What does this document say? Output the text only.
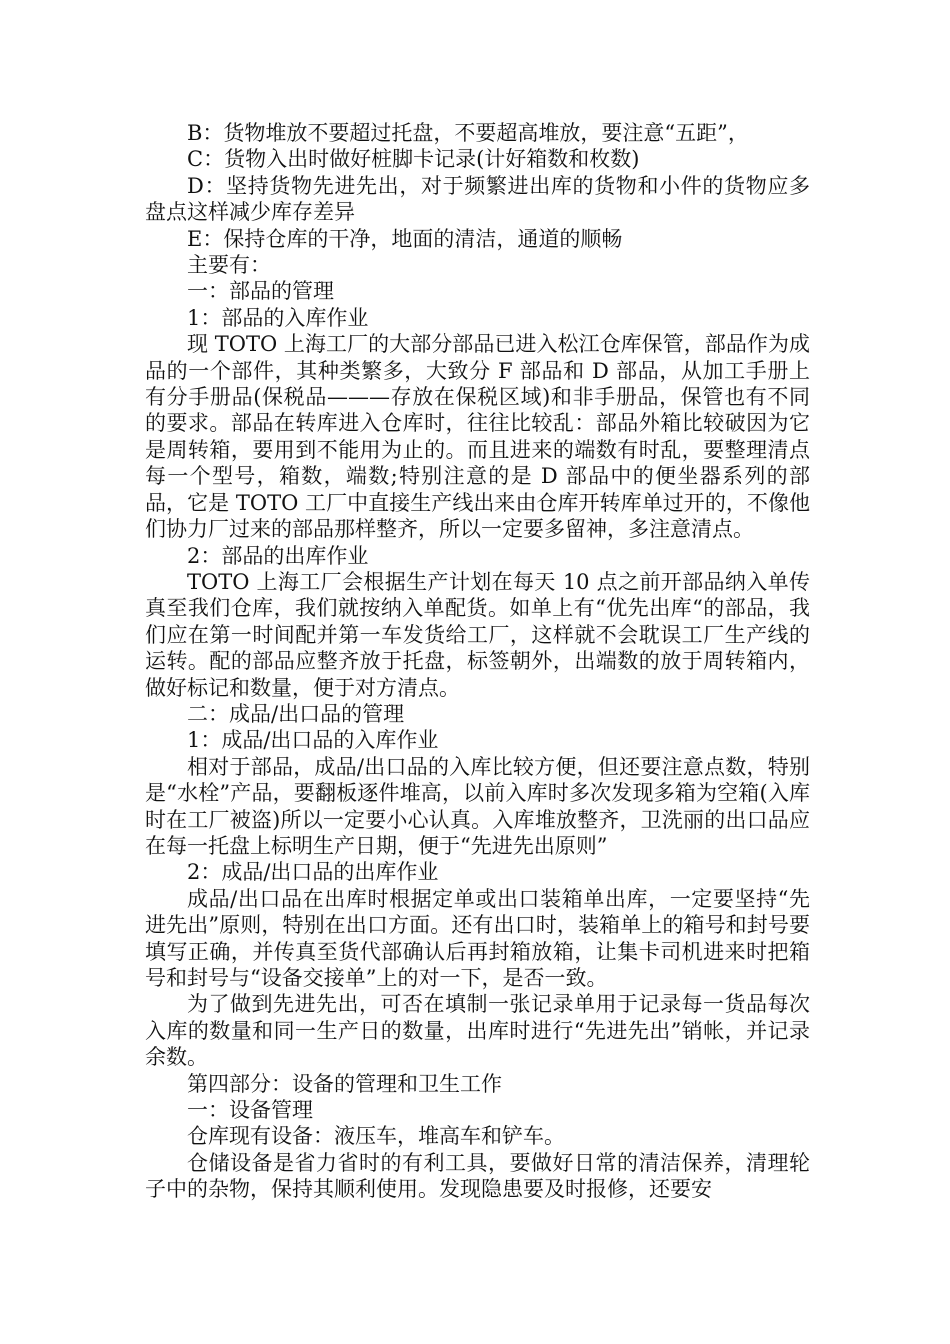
B：货物堆放不要超过托盘，不要超高堆放，要注意“五距”，

C：货物入出时做好桩脚卡记录(计好箱数和枚数)

D：坚持货物先进先出，对于频繁进出库的货物和小件的货物应多盘点这样减少库存差异

E：保持仓库的干净，地面的清洁，通道的顺畅

主要有：

一：部品的管理

1：部品的入库作业

现 TOTO 上海工厂的大部分部品已进入松江仓库保管，部品作为成品的一个部件，其种类繁多，大致分 F 部品和 D 部品，从加工手册上有分手册品(保税品———存放在保税区域)和非手册品，保管也有不同的要求。部品在转库进入仓库时，往往比较乱：部品外箱比较破因为它是周转箱，要用到不能用为止的。而且进来的端数有时乱，要整理清点每一个型号，箱数，端数;特别注意的是 D 部品中的便坐器系列的部品，它是 TOTO 工厂中直接生产线出来由仓库开转库单过开的，不像他们协力厂过来的部品那样整齐，所以一定要多留神，多注意清点。

2：部品的出库作业

TOTO 上海工厂会根据生产计划在每天 10 点之前开部品纳入单传真至我们仓库，我们就按纳入单配货。如单上有“优先出库“的部品，我们应在第一时间配并第一车发货给工厂，这样就不会耽误工厂生产线的运转。配的部品应整齐放于托盘，标签朝外，出端数的放于周转箱内，做好标记和数量，便于对方清点。

二：成品/出口品的管理

1：成品/出口品的入库作业

相对于部品，成品/出口品的入库比较方便，但还要注意点数，特别是“水栓”产品，要翻板逐件堆高，以前入库时多次发现多箱为空箱(入库时在工厂被盗)所以一定要小心认真。入库堆放整齐，卫洗丽的出口品应在每一托盘上标明生产日期，便于“先进先出原则”

2：成品/出口品的出库作业

成品/出口品在出库时根据定单或出口装箱单出库，一定要坚持“先进先出”原则，特别在出口方面。还有出口时，装箱单上的箱号和封号要填写正确，并传真至货代部确认后再封箱放箱，让集卡司机进来时把箱号和封号与“设备交接单”上的对一下，是否一致。

为了做到先进先出，可否在填制一张记录单用于记录每一货品每次入库的数量和同一生产日的数量，出库时进行“先进先出”销帐，并记录余数。

第四部分：设备的管理和卫生工作

一：设备管理

仓库现有设备：液压车，堆高车和铲车。

仓储设备是省力省时的有利工具，要做好日常的清洁保养，清理轮子中的杂物，保持其顺利使用。发现隐患要及时报修，还要安
